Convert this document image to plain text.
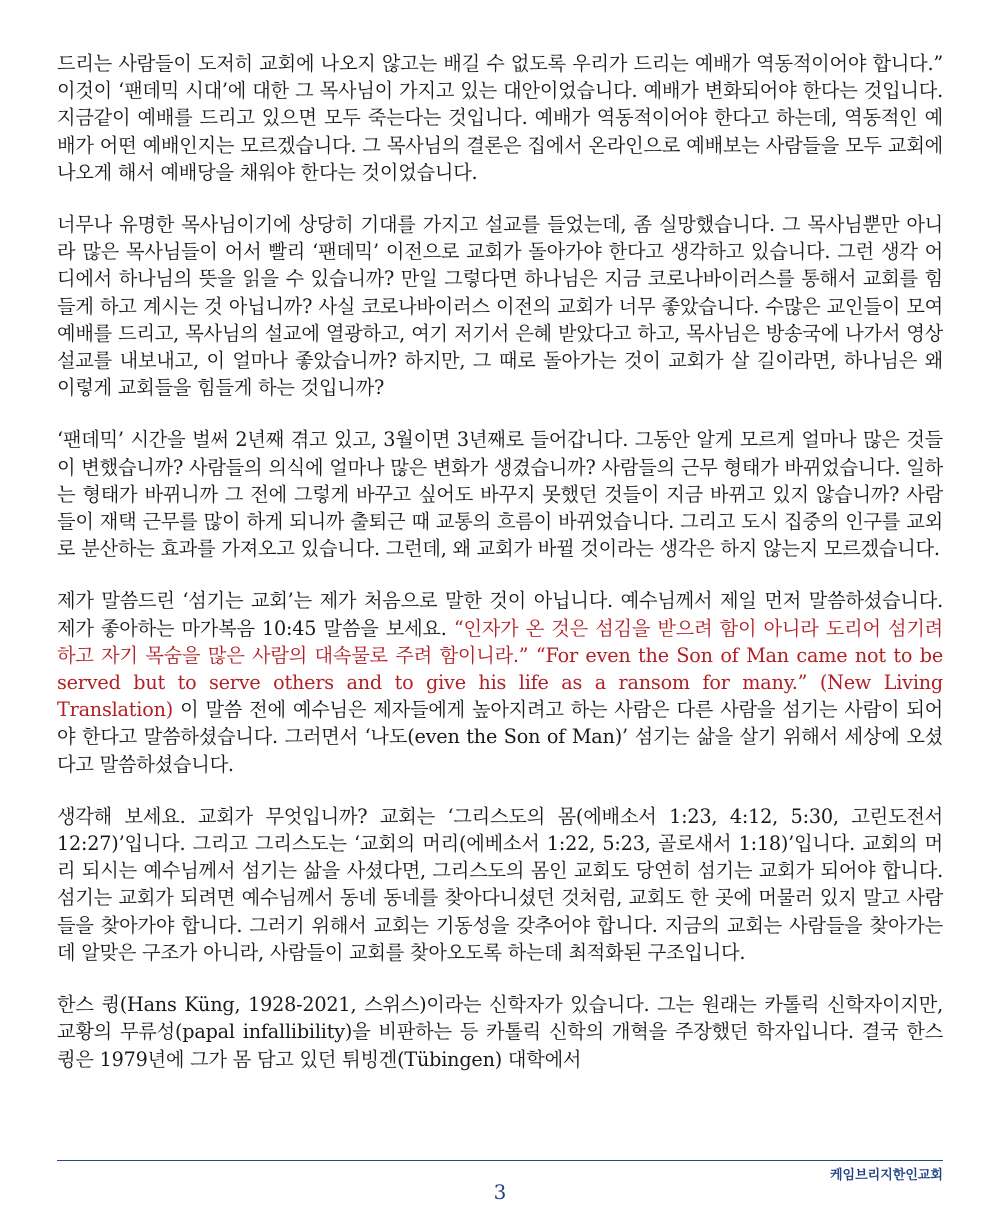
드리는 사람들이 도저히 교회에 나오지 않고는 배길 수 없도록 우리가 드리는 예배가 역동적이어야 합니다.” 이것이 ‘팬데믹 시대’에 대한 그 목사님이 가지고 있는 대안이었습니다. 예배가 변화되어야 한다는 것입니다. 지금같이 예배를 드리고 있으면 모두 죽는다는 것입니다. 예배가 역동적이어야 한다고 하는데, 역동적인 예배가 어떤 예배인지는 모르겠습니다. 그 목사님의 결론은 집에서 온라인으로 예배보는 사람들을 모두 교회에 나오게 해서 예배당을 채워야 한다는 것이었습니다.

너무나 유명한 목사님이기에 상당히 기대를 가지고 설교를 들었는데, 좀 실망했습니다. 그 목사님뿐만 아니라 많은 목사님들이 어서 빨리 ‘팬데믹’ 이전으로 교회가 돌아가야 한다고 생각하고 있습니다. 그런 생각 어디에서 하나님의 뜻을 읽을 수 있습니까? 만일 그렇다면 하나님은 지금 코로나바이러스를 통해서 교회를 힘들게 하고 계시는 것 아닙니까? 사실 코로나바이러스 이전의 교회가 너무 좋았습니다. 수많은 교인들이 모여 예배를 드리고, 목사님의 설교에 열광하고, 여기 저기서 은혜 받았다고 하고, 목사님은 방송국에 나가서 영상설교를 내보내고, 이 얼마나 좋았습니까? 하지만, 그 때로 돌아가는 것이 교회가 살 길이라면, 하나님은 왜 이렇게 교회들을 힘들게 하는 것입니까?

‘팬데믹’ 시간을 벌써 2년째 겪고 있고, 3월이면 3년째로 들어갑니다. 그동안 알게 모르게 얼마나 많은 것들이 변했습니까? 사람들의 의식에 얼마나 많은 변화가 생겼습니까? 사람들의 근무 형태가 바뀌었습니다. 일하는 형태가 바뀌니까 그 전에 그렇게 바꾸고 싶어도 바꾸지 못했던 것들이 지금 바뀌고 있지 않습니까? 사람들이 재택 근무를 많이 하게 되니까 출퇴근 때 교통의 흐름이 바뀌었습니다. 그리고 도시 집중의 인구를 교외로 분산하는 효과를 가져오고 있습니다. 그런데, 왜 교회가 바뀔 것이라는 생각은 하지 않는지 모르겠습니다.

제가 말씀드린 ‘섬기는 교회’는 제가 처음으로 말한 것이 아닙니다. 예수님께서 제일 먼저 말씀하셨습니다. 제가 좋아하는 마가복음 10:45 말씀을 보세요. “인자가 온 것은 섬김을 받으려 함이 아니라 도리어 섬기려 하고 자기 목숨을 많은 사람의 대속물로 주려 함이니라.” “For even the Son of Man came not to be served but to serve others and to give his life as a ransom for many.” (New Living Translation) 이 말씀 전에 예수님은 제자들에게 높아지려고 하는 사람은 다른 사람을 섬기는 사람이 되어야 한다고 말씀하셨습니다. 그러면서 ‘나도(even the Son of Man)’ 섬기는 삶을 살기 위해서 세상에 오셨다고 말씀하셨습니다.

생각해 보세요. 교회가 무엇입니까? 교회는 ‘그리스도의 몸(에배소서 1:23, 4:12, 5:30, 고린도전서 12:27)’입니다. 그리고 그리스도는 ‘교회의 머리(에베소서 1:22, 5:23, 골로새서 1:18)’입니다. 교회의 머리 되시는 예수님께서 섬기는 삶을 사셨다면, 그리스도의 몸인 교회도 당연히 섬기는 교회가 되어야 합니다. 섬기는 교회가 되려면 예수님께서 동네 동네를 찾아다니셨던 것처럼, 교회도 한 곳에 머물러 있지 말고 사람들을 찾아가야 합니다. 그러기 위해서 교회는 기동성을 갖추어야 합니다. 지금의 교회는 사람들을 찾아가는데 알맞은 구조가 아니라, 사람들이 교회를 찾아오도록 하는데 최적화된 구조입니다.

한스 큉(Hans Küng, 1928-2021, 스위스)이라는 신학자가 있습니다. 그는 원래는 카톨릭 신학자이지만, 교황의 무류성(papal infallibility)을 비판하는 등 카톨릭 신학의 개혁을 주장했던 학자입니다. 결국 한스 큉은 1979년에 그가 몸 담고 있던 튀빙겐(Tübingen) 대학에서

케임브리지한인교회
3
